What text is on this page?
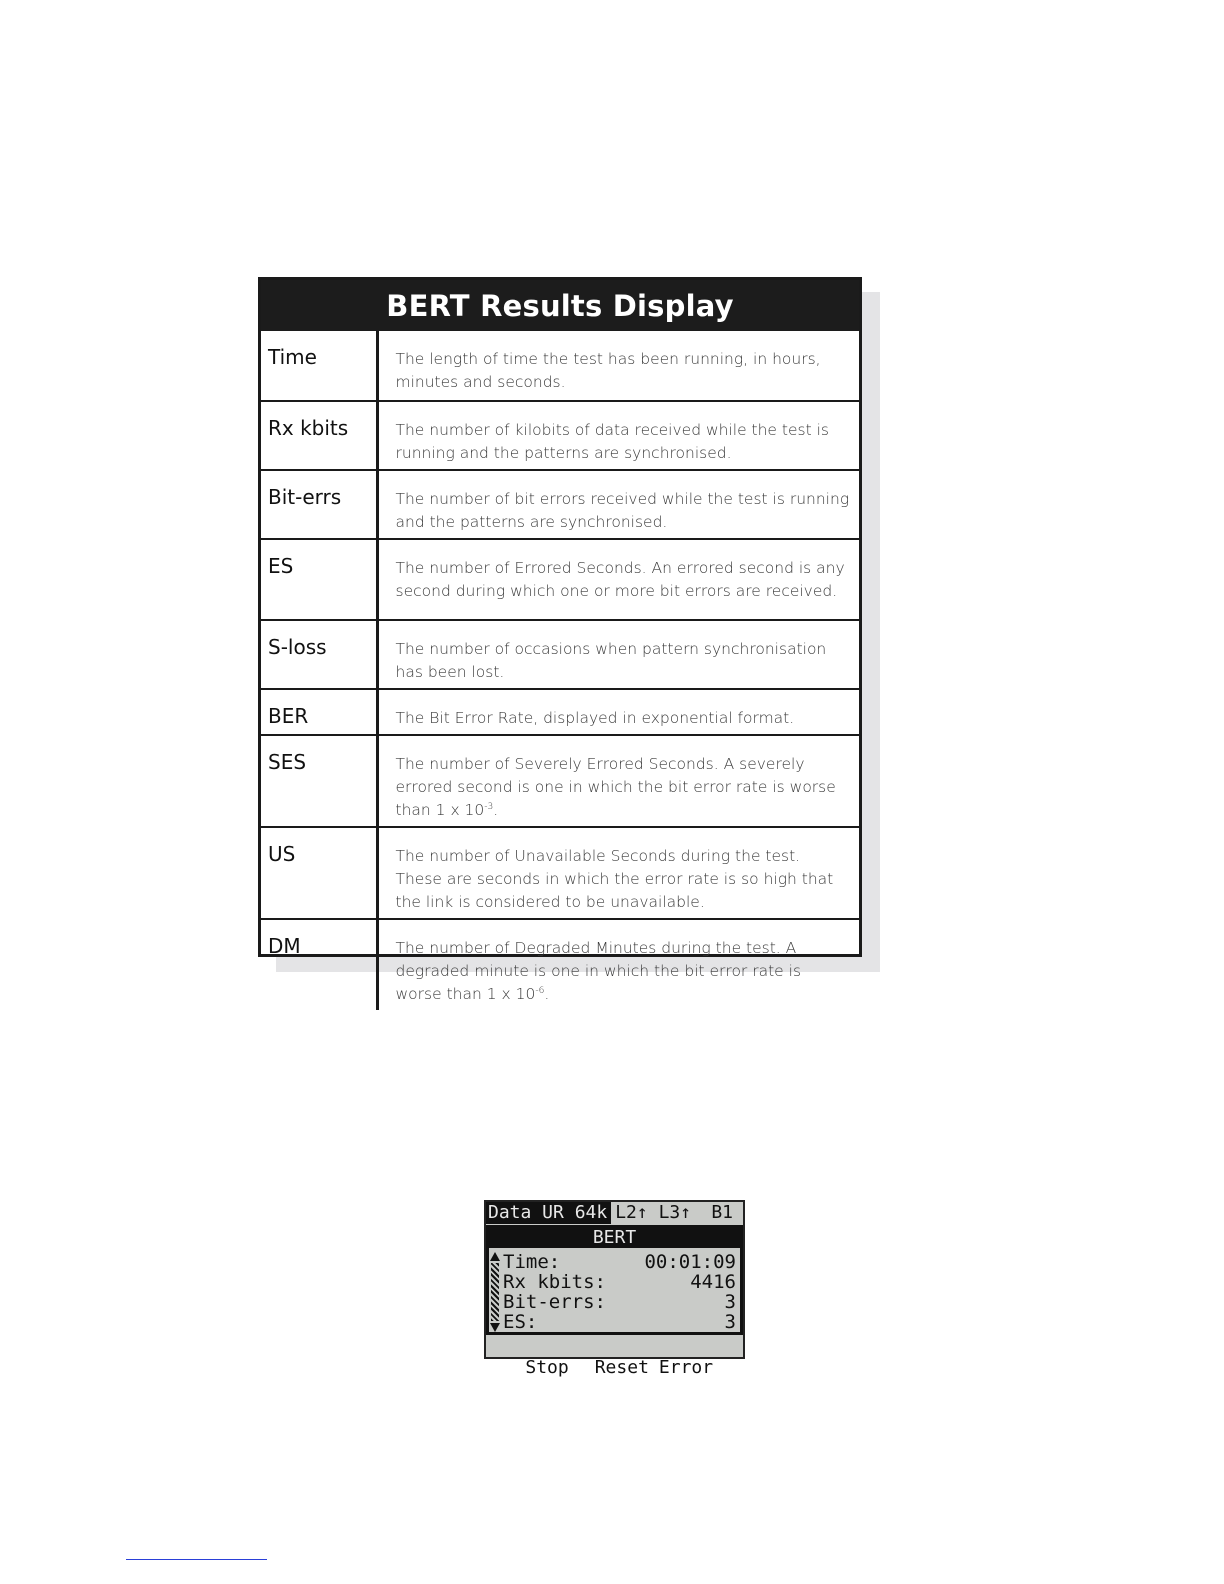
BERT Results Display
Time	The length of time the test has been running, in hours, minutes and seconds.
Rx kbits	The number of kilobits of data received while the test is running and the patterns are synchronised.
Bit-errs	The number of bit errors received while the test is running and the patterns are synchronised.
ES	The number of Errored Seconds. An errored second is any second during which one or more bit errors are received.
S-loss	The number of occasions when pattern synchronisation has been lost.
BER	The Bit Error Rate, displayed in exponential format.
SES	The number of Severely Errored Seconds. A severely errored second is one in which the bit error rate is worse than 1 x $10^{-3}$.
US	The number of Unavailable Seconds during the test. These are seconds in which the error rate is so high that the link is considered to be unavailable.
DM	The number of Degraded Minutes during the test. A degraded minute is one in which the bit error rate is worse than 1 x $10^{-6}$.
Data UR 64k L2↑ L3↑ B1
BERT
Time:	00:01:09
Rx kbits:	4416
Bit-errs:	3
ES:	3

Stop Reset Error
